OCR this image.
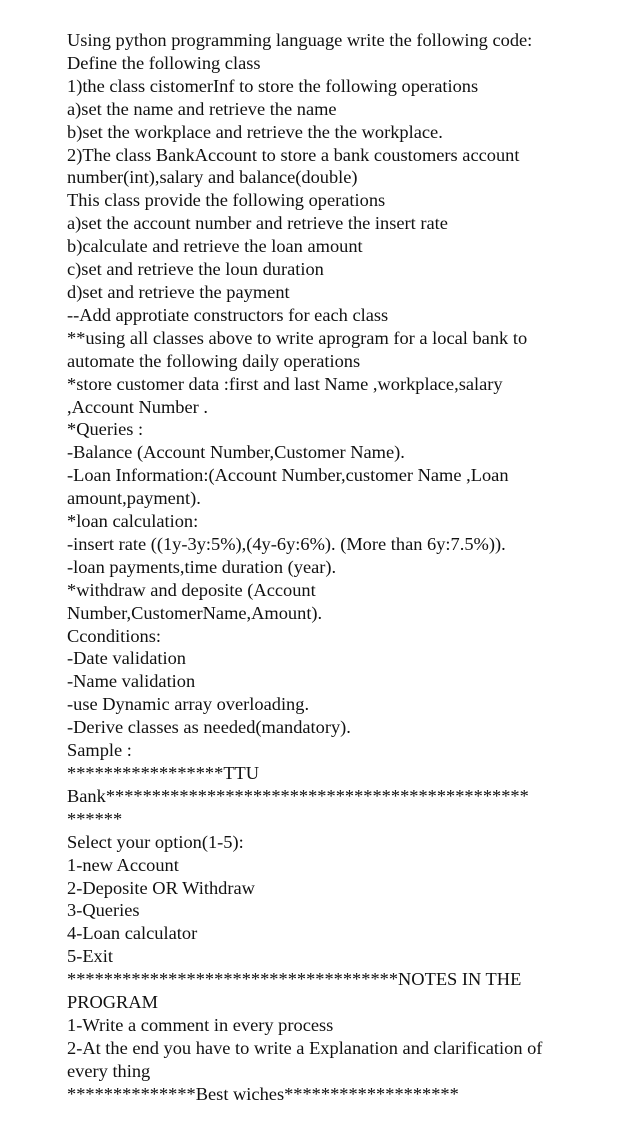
Using python programming language write the following code:
Define the following class
1)the class cistomerInf to store the following operations
a)set the name and retrieve the name
b)set the workplace and retrieve the the workplace.
2)The class BankAccount to store a bank coustomers account
number(int),salary and balance(double)
This class provide the following operations
a)set the account number and retrieve the insert rate
b)calculate and retrieve the loan amount
c)set and retrieve the loun duration
d)set and retrieve the payment
--Add approtiate constructors for each class
**using all classes above to write aprogram for a local bank to
automate the following daily operations
*store customer data :first and last Name ,workplace,salary
,Account Number .
*Queries :
-Balance (Account Number,Customer Name).
-Loan Information:(Account Number,customer Name ,Loan
amount,payment).
*loan calculation:
-insert rate ((1y-3y:5%),(4y-6y:6%). (More than 6y:7.5%)).
-loan payments,time duration (year).
*withdraw and deposite (Account
Number,CustomerName,Amount).
Cconditions:
-Date validation
-Name validation
-use Dynamic array overloading.
-Derive classes as needed(mandatory).
Sample :
*****************TTU
Bank**********************************************
******
Select your option(1-5):
1-new Account
2-Deposite OR Withdraw
3-Queries
4-Loan calculator
5-Exit
************************************NOTES IN THE
PROGRAM
1-Write a comment in every process
2-At the end you have to write a Explanation and clarification of
every thing
**************Best wiches*******************
